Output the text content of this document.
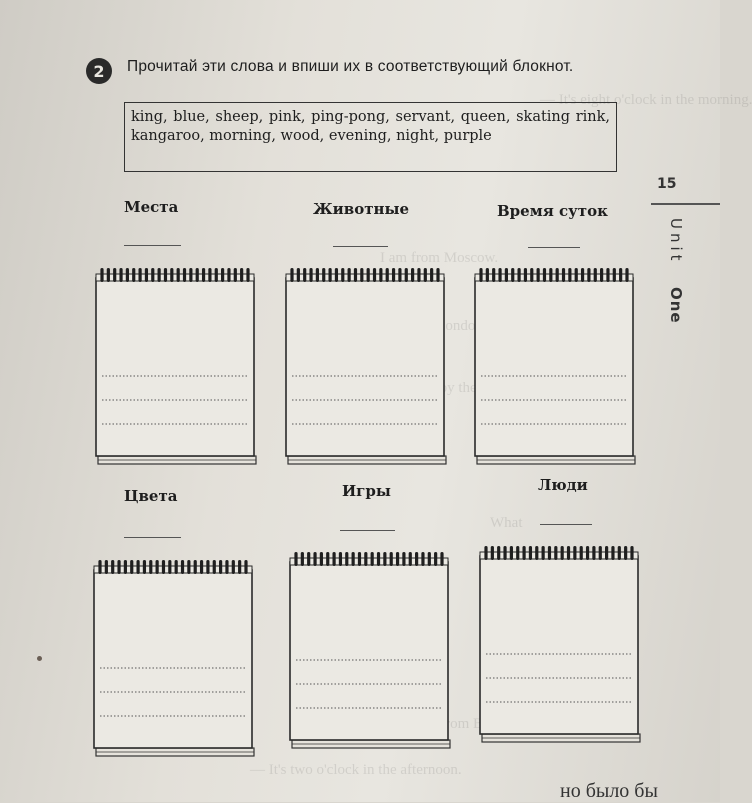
— It's eight o'clock in the morning.
I am from Moscow.
London.
by the
What
from
— It's two o'clock in the afternoon.
2	Прочитай эти слова и впиши их в соответствующий блокнот.
king, blue, sheep, pink, ping-pong, servant, queen, skating rink, kangaroo, morning, wood, evening, night, purple
15
Unit One
Места	Животные	Время суток
Цвета	Игры	Люди
но было бы
